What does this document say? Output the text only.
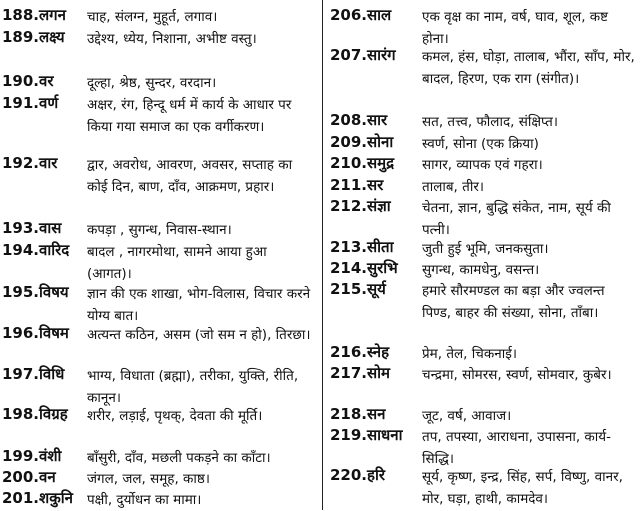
188.लगन	चाह, संलग्न, मुहूर्त, लगाव।
189.लक्ष्य	उद्देश्य, ध्येय, निशाना, अभीष्ट वस्तु।
190.वर	दूल्हा, श्रेष्ठ, सुन्दर, वरदान।
191.वर्ण	अक्षर, रंग, हिन्दू धर्म में कार्य के आधार पर किया गया समाज का एक वर्गीकरण।
192.वार	द्वार, अवरोध, आवरण, अवसर, सप्ताह का कोई दिन, बाण, दाँव, आक्रमण, प्रहार।
193.वास	कपड़ा , सुगन्ध, निवास-स्थान।
194.वारिद	बादल , नागरमोथा, सामने आया हुआ (आगत)।
195.विषय	ज्ञान की एक शाखा, भोग-विलास, विचार करने योग्य बात।
196.विषम	अत्यन्त कठिन, असम (जो सम न हो), तिरछा।
197.विधि	भाग्य, विधाता (ब्रह्मा), तरीका, युक्ति, रीति, कानून।
198.विग्रह	शरीर, लड़ाई, पृथक्, देवता की मूर्ति।
199.वंशी	बाँसुरी, दाँव, मछली पकड़ने का काँटा।
200.वन	जंगल, जल, समूह, काष्ठ।
201.शकुनि	पक्षी, दुर्योधन का मामा।
206.साल	एक वृक्ष का नाम, वर्ष, घाव, शूल, कष्ट होना।
207.सारंग	कमल, हंस, घोड़ा, तालाब, भौंरा, साँप, मोर, बादल, हिरण, एक राग (संगीत)।
208.सार	सत, तत्त्व, फौलाद, संक्षिप्त।
209.सोना	स्वर्ण, सोना (एक क्रिया)
210.समुद्र	सागर, व्यापक एवं गहरा।
211.सर	तालाब, तीर।
212.संज्ञा	चेतना, ज्ञान, बुद्धि संकेत, नाम, सूर्य की पत्नी।
213.सीता	जुती हुई भूमि, जनकसुता।
214.सुरभि	सुगन्ध, कामधेनु, वसन्त।
215.सूर्य	हमारे सौरमण्डल का बड़ा और ज्वलन्त पिण्ड, बाहर की संख्या, सोना, ताँबा।
216.स्नेह	प्रेम, तेल, चिकनाई।
217.सोम	चन्द्रमा, सोमरस, स्वर्ण, सोमवार, कुबेर।
218.सन	जूट, वर्ष, आवाज।
219.साधना	तप, तपस्या, आराधना, उपासना, कार्य-सिद्धि।
220.हरि	सूर्य, कृष्ण, इन्द्र, सिंह, सर्प, विष्णु, वानर, मोर, घड़ा, हाथी, कामदेव।
